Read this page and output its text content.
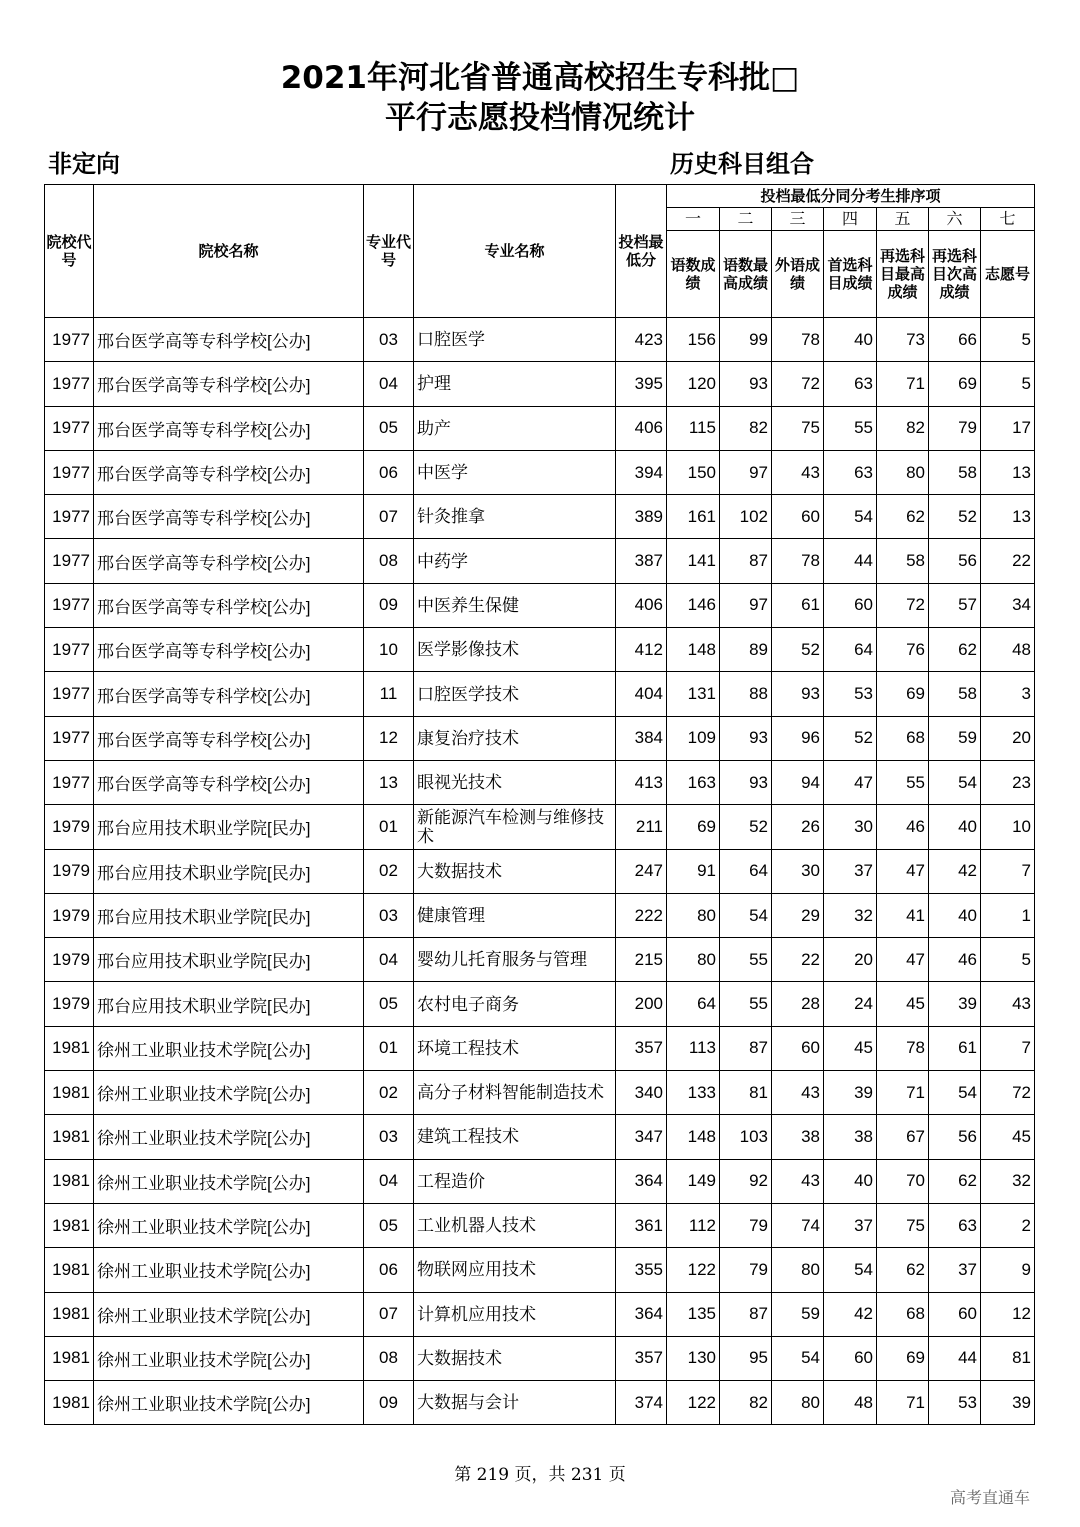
2021年河北省普通高校招生专科批□
平行志愿投档情况统计
非定向	历史科目组合
院校代号	院校名称	专业代号	专业名称	投档最低分	投档最低分同分考生排序项						
					一	二	三	四	五	六	七
					语数成绩	语数最高成绩	外语成绩	首选科目成绩	再选科目最高成绩	再选科目次高成绩	志愿号
1977	邢台医学高等专科学校[公办]	03	口腔医学	423	156	99	78	40	73	66	5
1977	邢台医学高等专科学校[公办]	04	护理	395	120	93	72	63	71	69	5
1977	邢台医学高等专科学校[公办]	05	助产	406	115	82	75	55	82	79	17
1977	邢台医学高等专科学校[公办]	06	中医学	394	150	97	43	63	80	58	13
1977	邢台医学高等专科学校[公办]	07	针灸推拿	389	161	102	60	54	62	52	13
1977	邢台医学高等专科学校[公办]	08	中药学	387	141	87	78	44	58	56	22
1977	邢台医学高等专科学校[公办]	09	中医养生保健	406	146	97	61	60	72	57	34
1977	邢台医学高等专科学校[公办]	10	医学影像技术	412	148	89	52	64	76	62	48
1977	邢台医学高等专科学校[公办]	11	口腔医学技术	404	131	88	93	53	69	58	3
1977	邢台医学高等专科学校[公办]	12	康复治疗技术	384	109	93	96	52	68	59	20
1977	邢台医学高等专科学校[公办]	13	眼视光技术	413	163	93	94	47	55	54	23
1979	邢台应用技术职业学院[民办]	01	新能源汽车检测与维修技术	211	69	52	26	30	46	40	10
1979	邢台应用技术职业学院[民办]	02	大数据技术	247	91	64	30	37	47	42	7
1979	邢台应用技术职业学院[民办]	03	健康管理	222	80	54	29	32	41	40	1
1979	邢台应用技术职业学院[民办]	04	婴幼儿托育服务与管理	215	80	55	22	20	47	46	5
1979	邢台应用技术职业学院[民办]	05	农村电子商务	200	64	55	28	24	45	39	43
1981	徐州工业职业技术学院[公办]	01	环境工程技术	357	113	87	60	45	78	61	7
1981	徐州工业职业技术学院[公办]	02	高分子材料智能制造技术	340	133	81	43	39	71	54	72
1981	徐州工业职业技术学院[公办]	03	建筑工程技术	347	148	103	38	38	67	56	45
1981	徐州工业职业技术学院[公办]	04	工程造价	364	149	92	43	40	70	62	32
1981	徐州工业职业技术学院[公办]	05	工业机器人技术	361	112	79	74	37	75	63	2
1981	徐州工业职业技术学院[公办]	06	物联网应用技术	355	122	79	80	54	62	37	9
1981	徐州工业职业技术学院[公办]	07	计算机应用技术	364	135	87	59	42	68	60	12
1981	徐州工业职业技术学院[公办]	08	大数据技术	357	130	95	54	60	69	44	81
1981	徐州工业职业技术学院[公办]	09	大数据与会计	374	122	82	80	48	71	53	39
第 219 页，共 231 页
高考直通车
